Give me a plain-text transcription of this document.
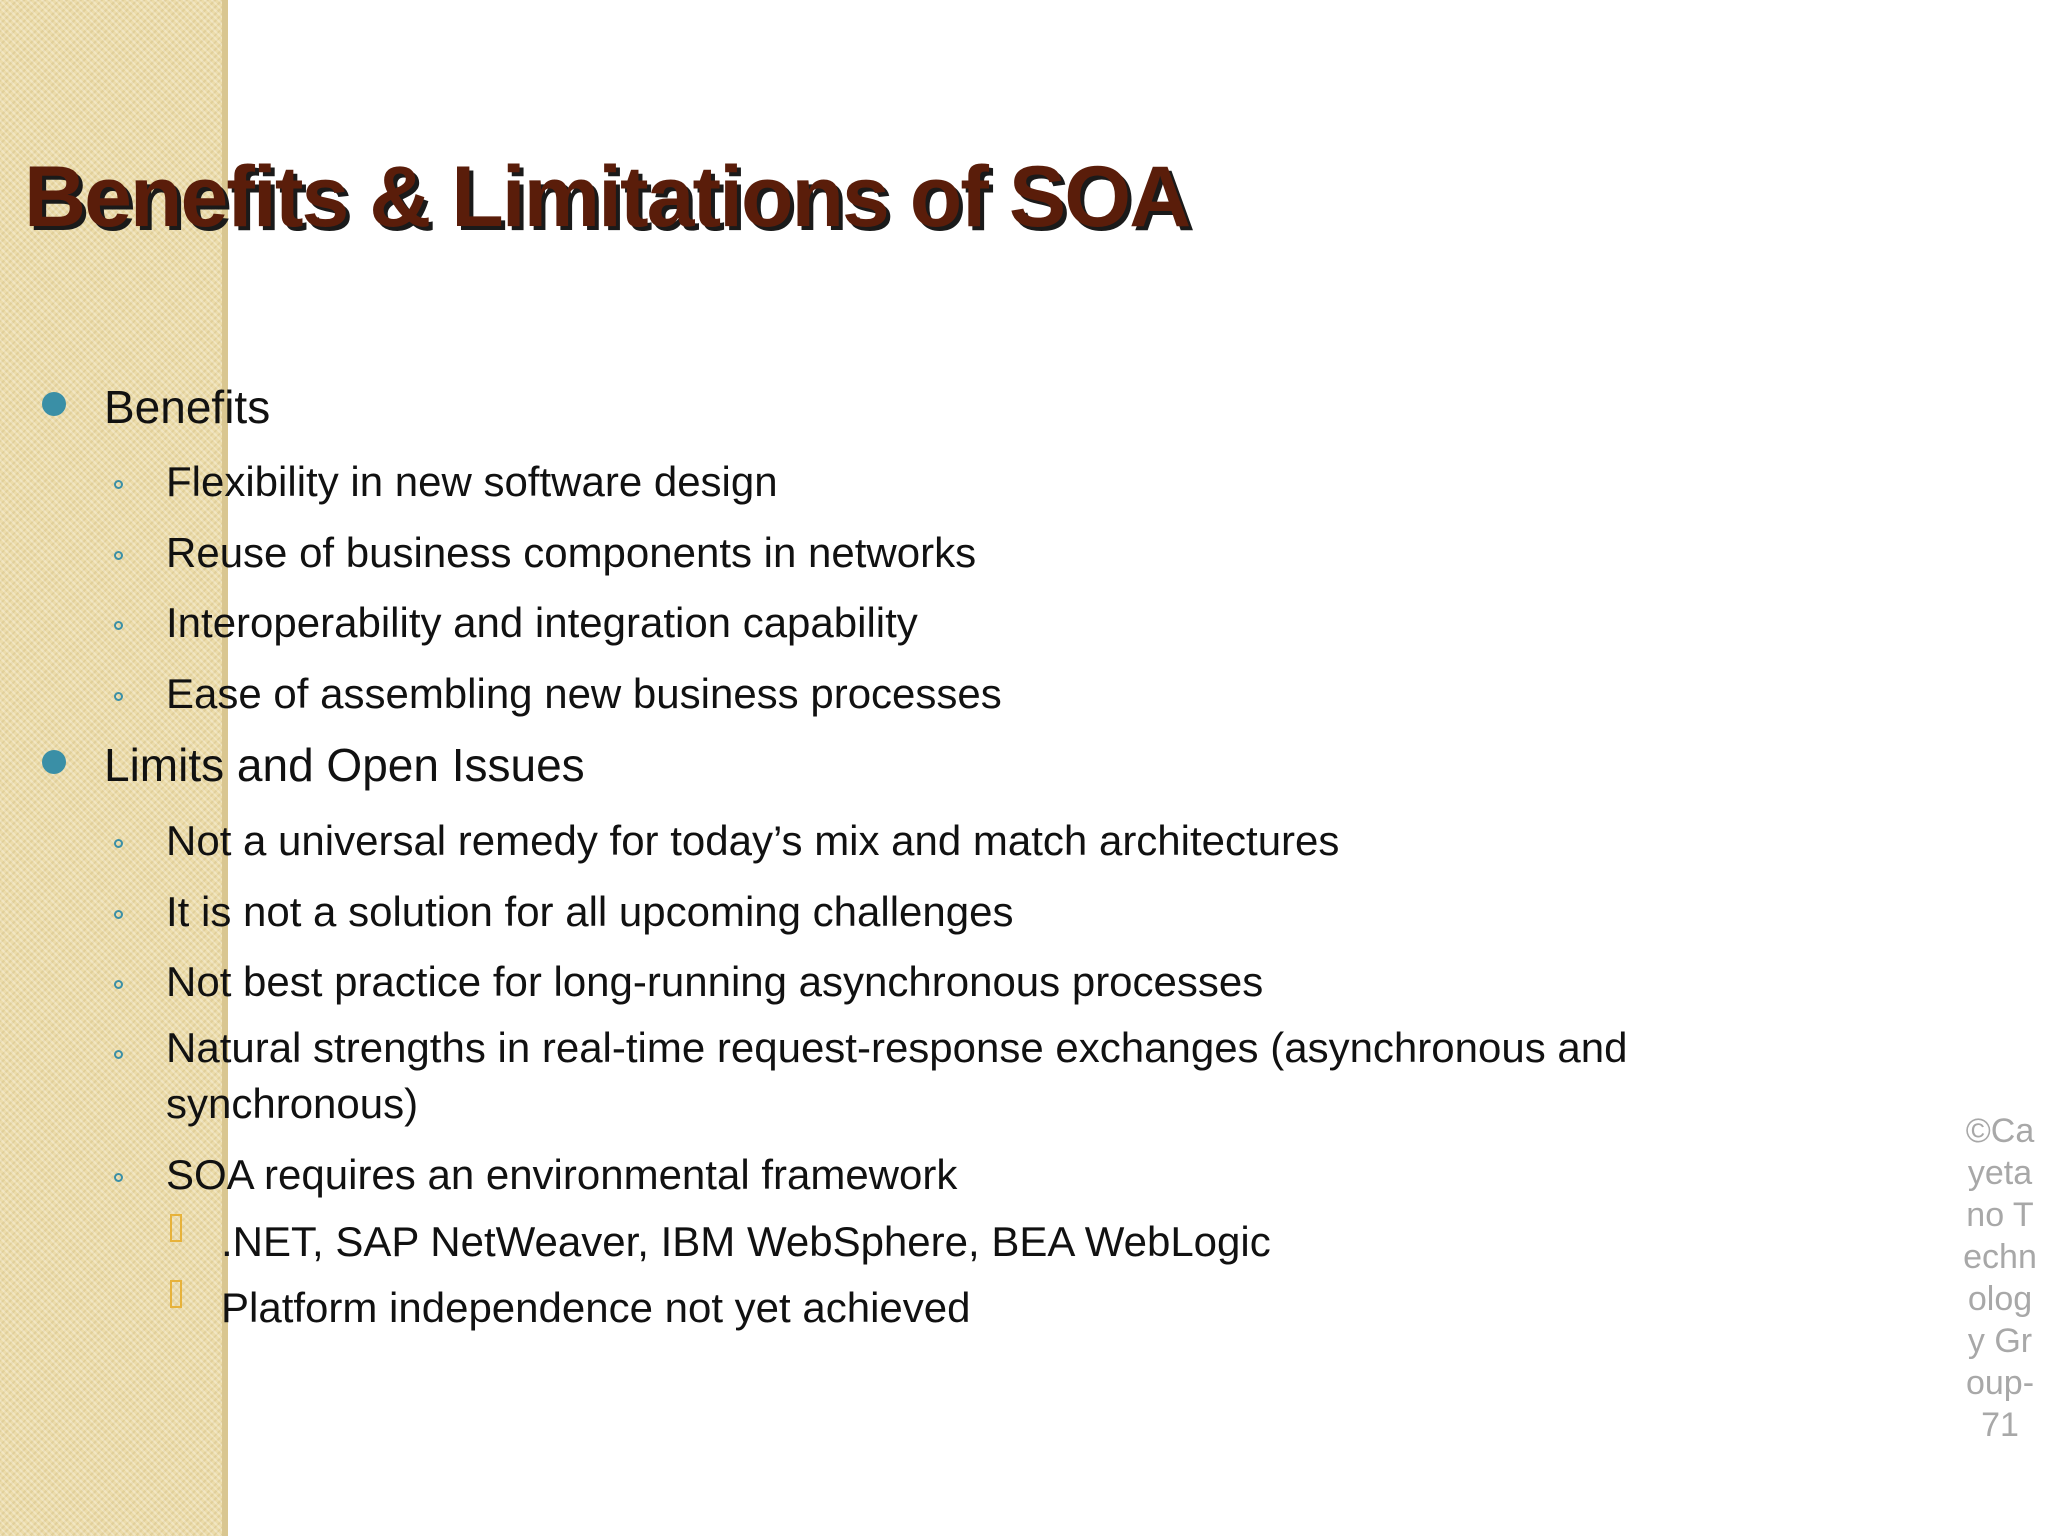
Benefits & Limitations of SOA
Benefits
Flexibility in new software design
Reuse of business components in networks
Interoperability and integration capability
Ease of assembling new business processes
Limits and Open Issues
Not a universal remedy for today’s mix and match architectures
It is not a solution for all upcoming challenges
Not best practice for long-running asynchronous processes
Natural strengths in real-time request-response exchanges (asynchronous and synchronous)
SOA requires an environmental framework
.NET, SAP NetWeaver, IBM WebSphere, BEA WebLogic
Platform independence not yet achieved
©Cayetano Technology Group-71
